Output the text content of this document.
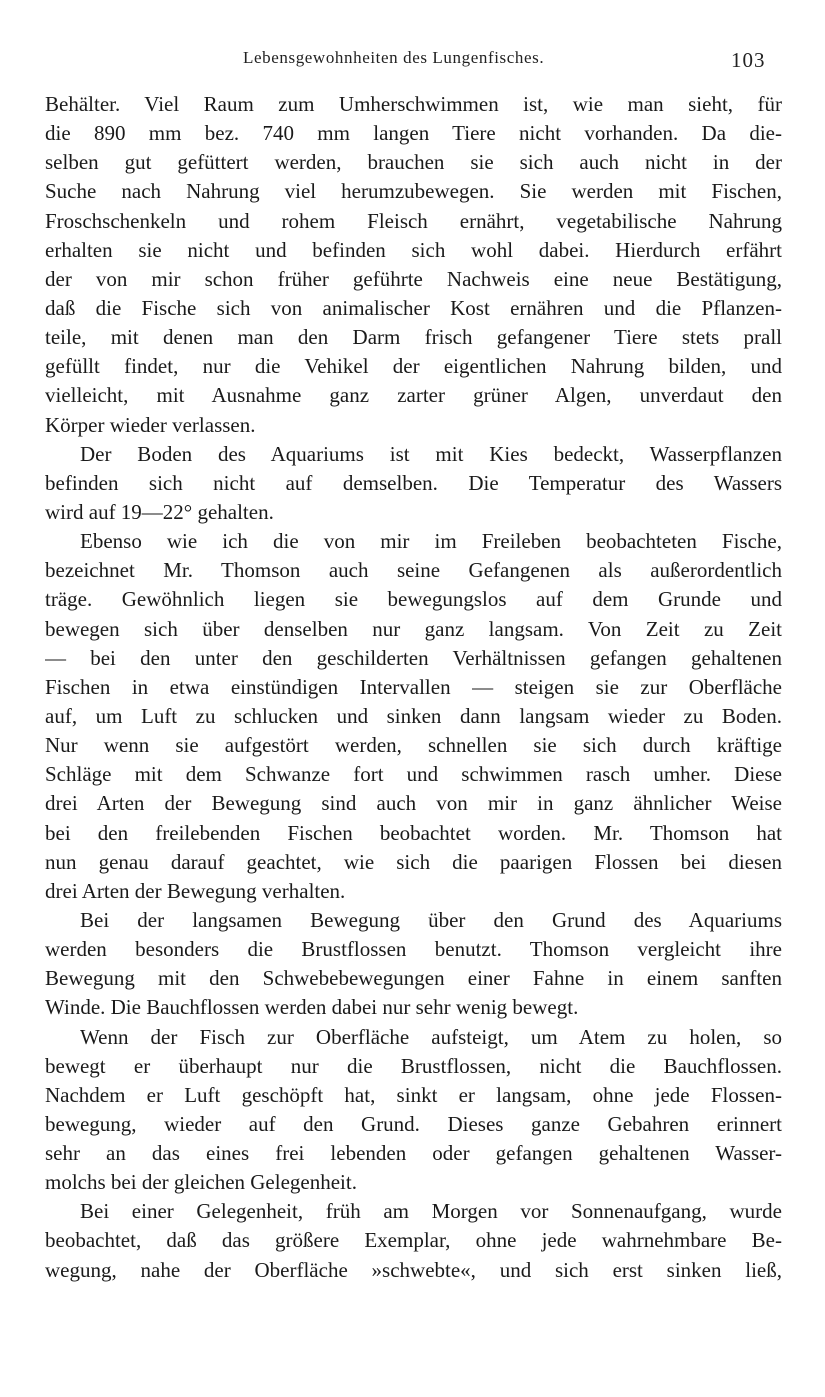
Lebensgewohnheiten des Lungenfisches.	103
Behälter. Viel Raum zum Umherschwimmen ist, wie man sieht, für
die 890 mm bez. 740 mm langen Tiere nicht vorhanden. Da die-
selben gut gefüttert werden, brauchen sie sich auch nicht in der
Suche nach Nahrung viel herumzubewegen. Sie werden mit Fischen,
Froschschenkeln und rohem Fleisch ernährt, vegetabilische Nahrung
erhalten sie nicht und befinden sich wohl dabei. Hierdurch erfährt
der von mir schon früher geführte Nachweis eine neue Bestätigung,
daß die Fische sich von animalischer Kost ernähren und die Pflanzen-
teile, mit denen man den Darm frisch gefangener Tiere stets prall
gefüllt findet, nur die Vehikel der eigentlichen Nahrung bilden, und
vielleicht, mit Ausnahme ganz zarter grüner Algen, unverdaut den
Körper wieder verlassen.
Der Boden des Aquariums ist mit Kies bedeckt, Wasserpflanzen
befinden sich nicht auf demselben. Die Temperatur des Wassers
wird auf 19—22° gehalten.
Ebenso wie ich die von mir im Freileben beobachteten Fische,
bezeichnet Mr. Thomson auch seine Gefangenen als außerordentlich
träge. Gewöhnlich liegen sie bewegungslos auf dem Grunde und
bewegen sich über denselben nur ganz langsam. Von Zeit zu Zeit
— bei den unter den geschilderten Verhältnissen gefangen gehaltenen
Fischen in etwa einstündigen Intervallen — steigen sie zur Oberfläche
auf, um Luft zu schlucken und sinken dann langsam wieder zu Boden.
Nur wenn sie aufgestört werden, schnellen sie sich durch kräftige
Schläge mit dem Schwanze fort und schwimmen rasch umher. Diese
drei Arten der Bewegung sind auch von mir in ganz ähnlicher Weise
bei den freilebenden Fischen beobachtet worden. Mr. Thomson hat
nun genau darauf geachtet, wie sich die paarigen Flossen bei diesen
drei Arten der Bewegung verhalten.
Bei der langsamen Bewegung über den Grund des Aquariums
werden besonders die Brustflossen benutzt. Thomson vergleicht ihre
Bewegung mit den Schwebebewegungen einer Fahne in einem sanften
Winde. Die Bauchflossen werden dabei nur sehr wenig bewegt.
Wenn der Fisch zur Oberfläche aufsteigt, um Atem zu holen, so
bewegt er überhaupt nur die Brustflossen, nicht die Bauchflossen.
Nachdem er Luft geschöpft hat, sinkt er langsam, ohne jede Flossen-
bewegung, wieder auf den Grund. Dieses ganze Gebahren erinnert
sehr an das eines frei lebenden oder gefangen gehaltenen Wasser-
molchs bei der gleichen Gelegenheit.
Bei einer Gelegenheit, früh am Morgen vor Sonnenaufgang, wurde
beobachtet, daß das größere Exemplar, ohne jede wahrnehmbare Be-
wegung, nahe der Oberfläche »schwebte«, und sich erst sinken ließ,
